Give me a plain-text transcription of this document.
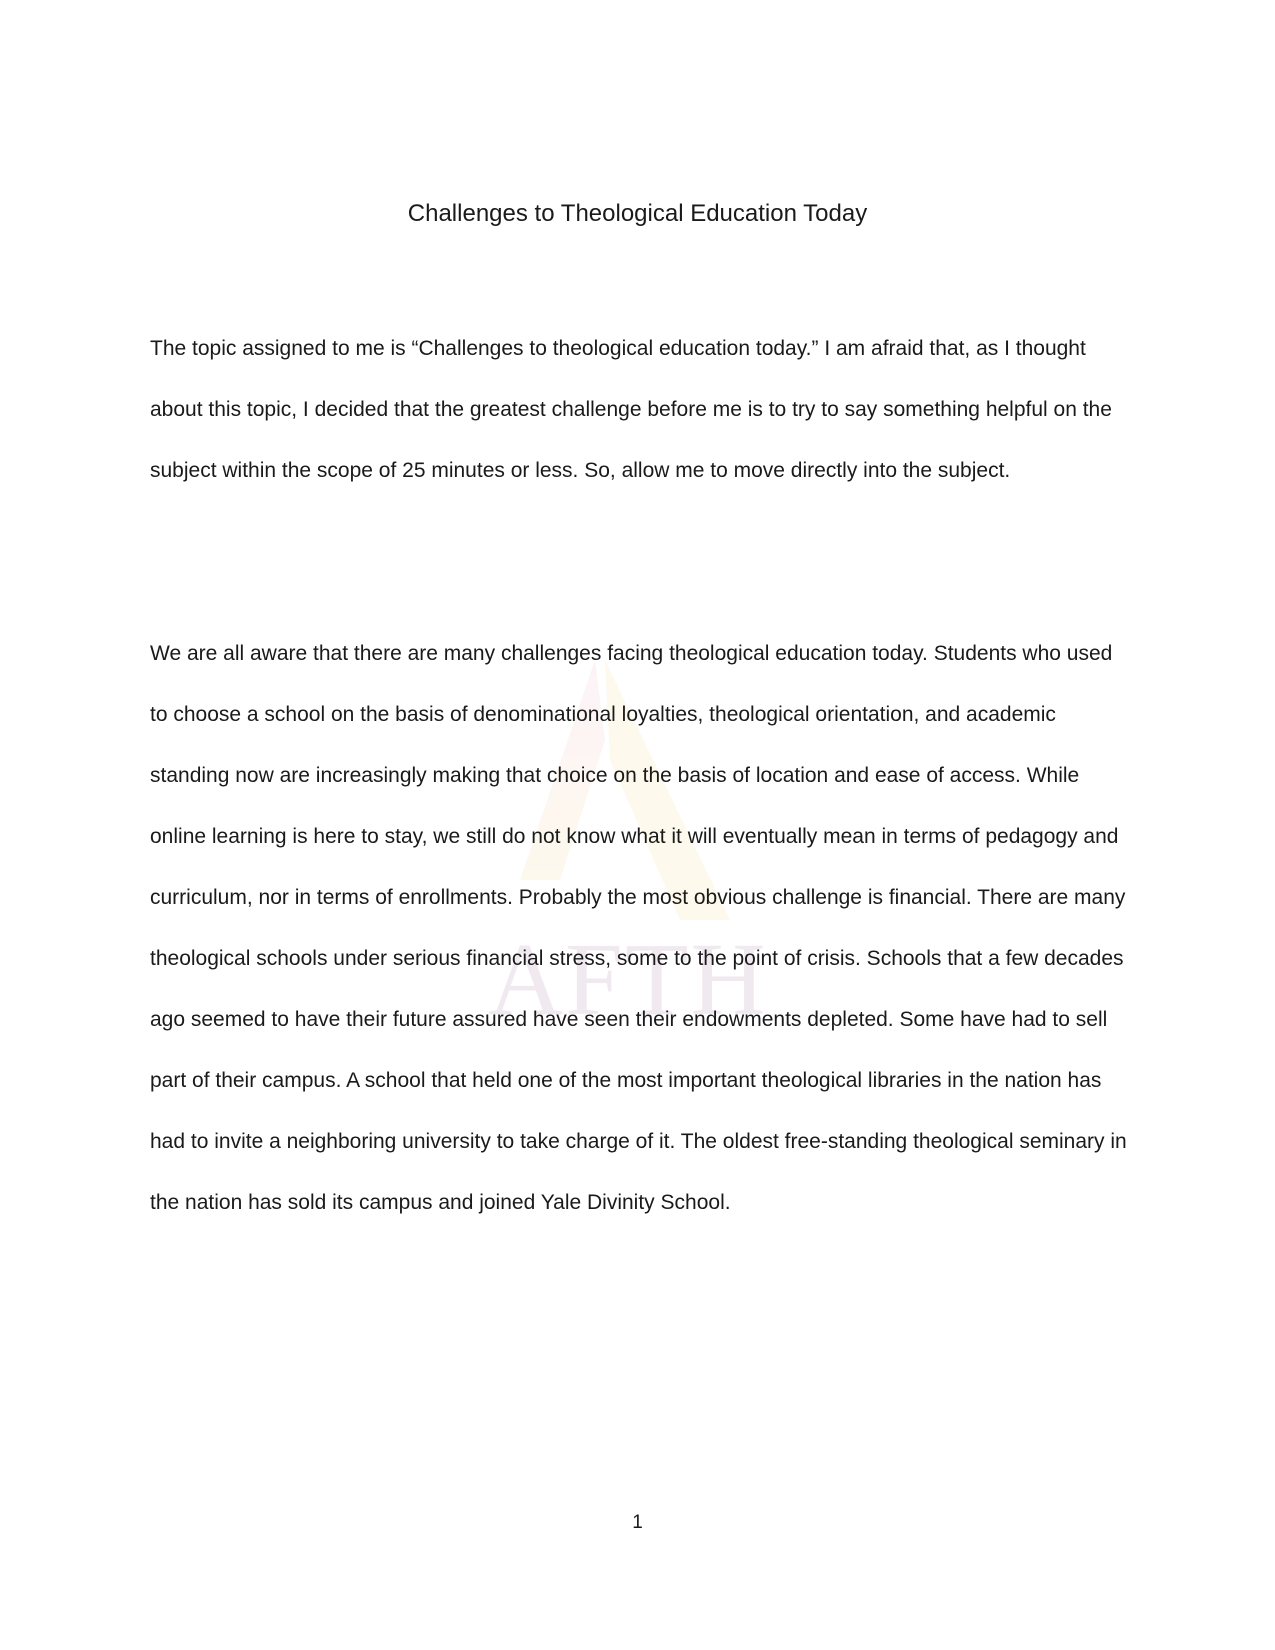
AFTH
Challenges to Theological Education Today

The topic assigned to me is “Challenges to theological education today.” I am afraid that, as I thought about this topic, I decided that the greatest challenge before me is to try to say something helpful on the subject within the scope of 25 minutes or less. So, allow me to move directly into the subject.

We are all aware that there are many challenges facing theological education today. Students who used to choose a school on the basis of denominational loyalties, theological orientation, and academic standing now are increasingly making that choice on the basis of location and ease of access. While online learning is here to stay, we still do not know what it will eventually mean in terms of pedagogy and curriculum, nor in terms of enrollments. Probably the most obvious challenge is financial. There are many theological schools under serious financial stress, some to the point of crisis. Schools that a few decades ago seemed to have their future assured have seen their endowments depleted. Some have had to sell part of their campus. A school that held one of the most important theological libraries in the nation has had to invite a neighboring university to take charge of it. The oldest free-standing theological seminary in the nation has sold its campus and joined Yale Divinity School.

1
